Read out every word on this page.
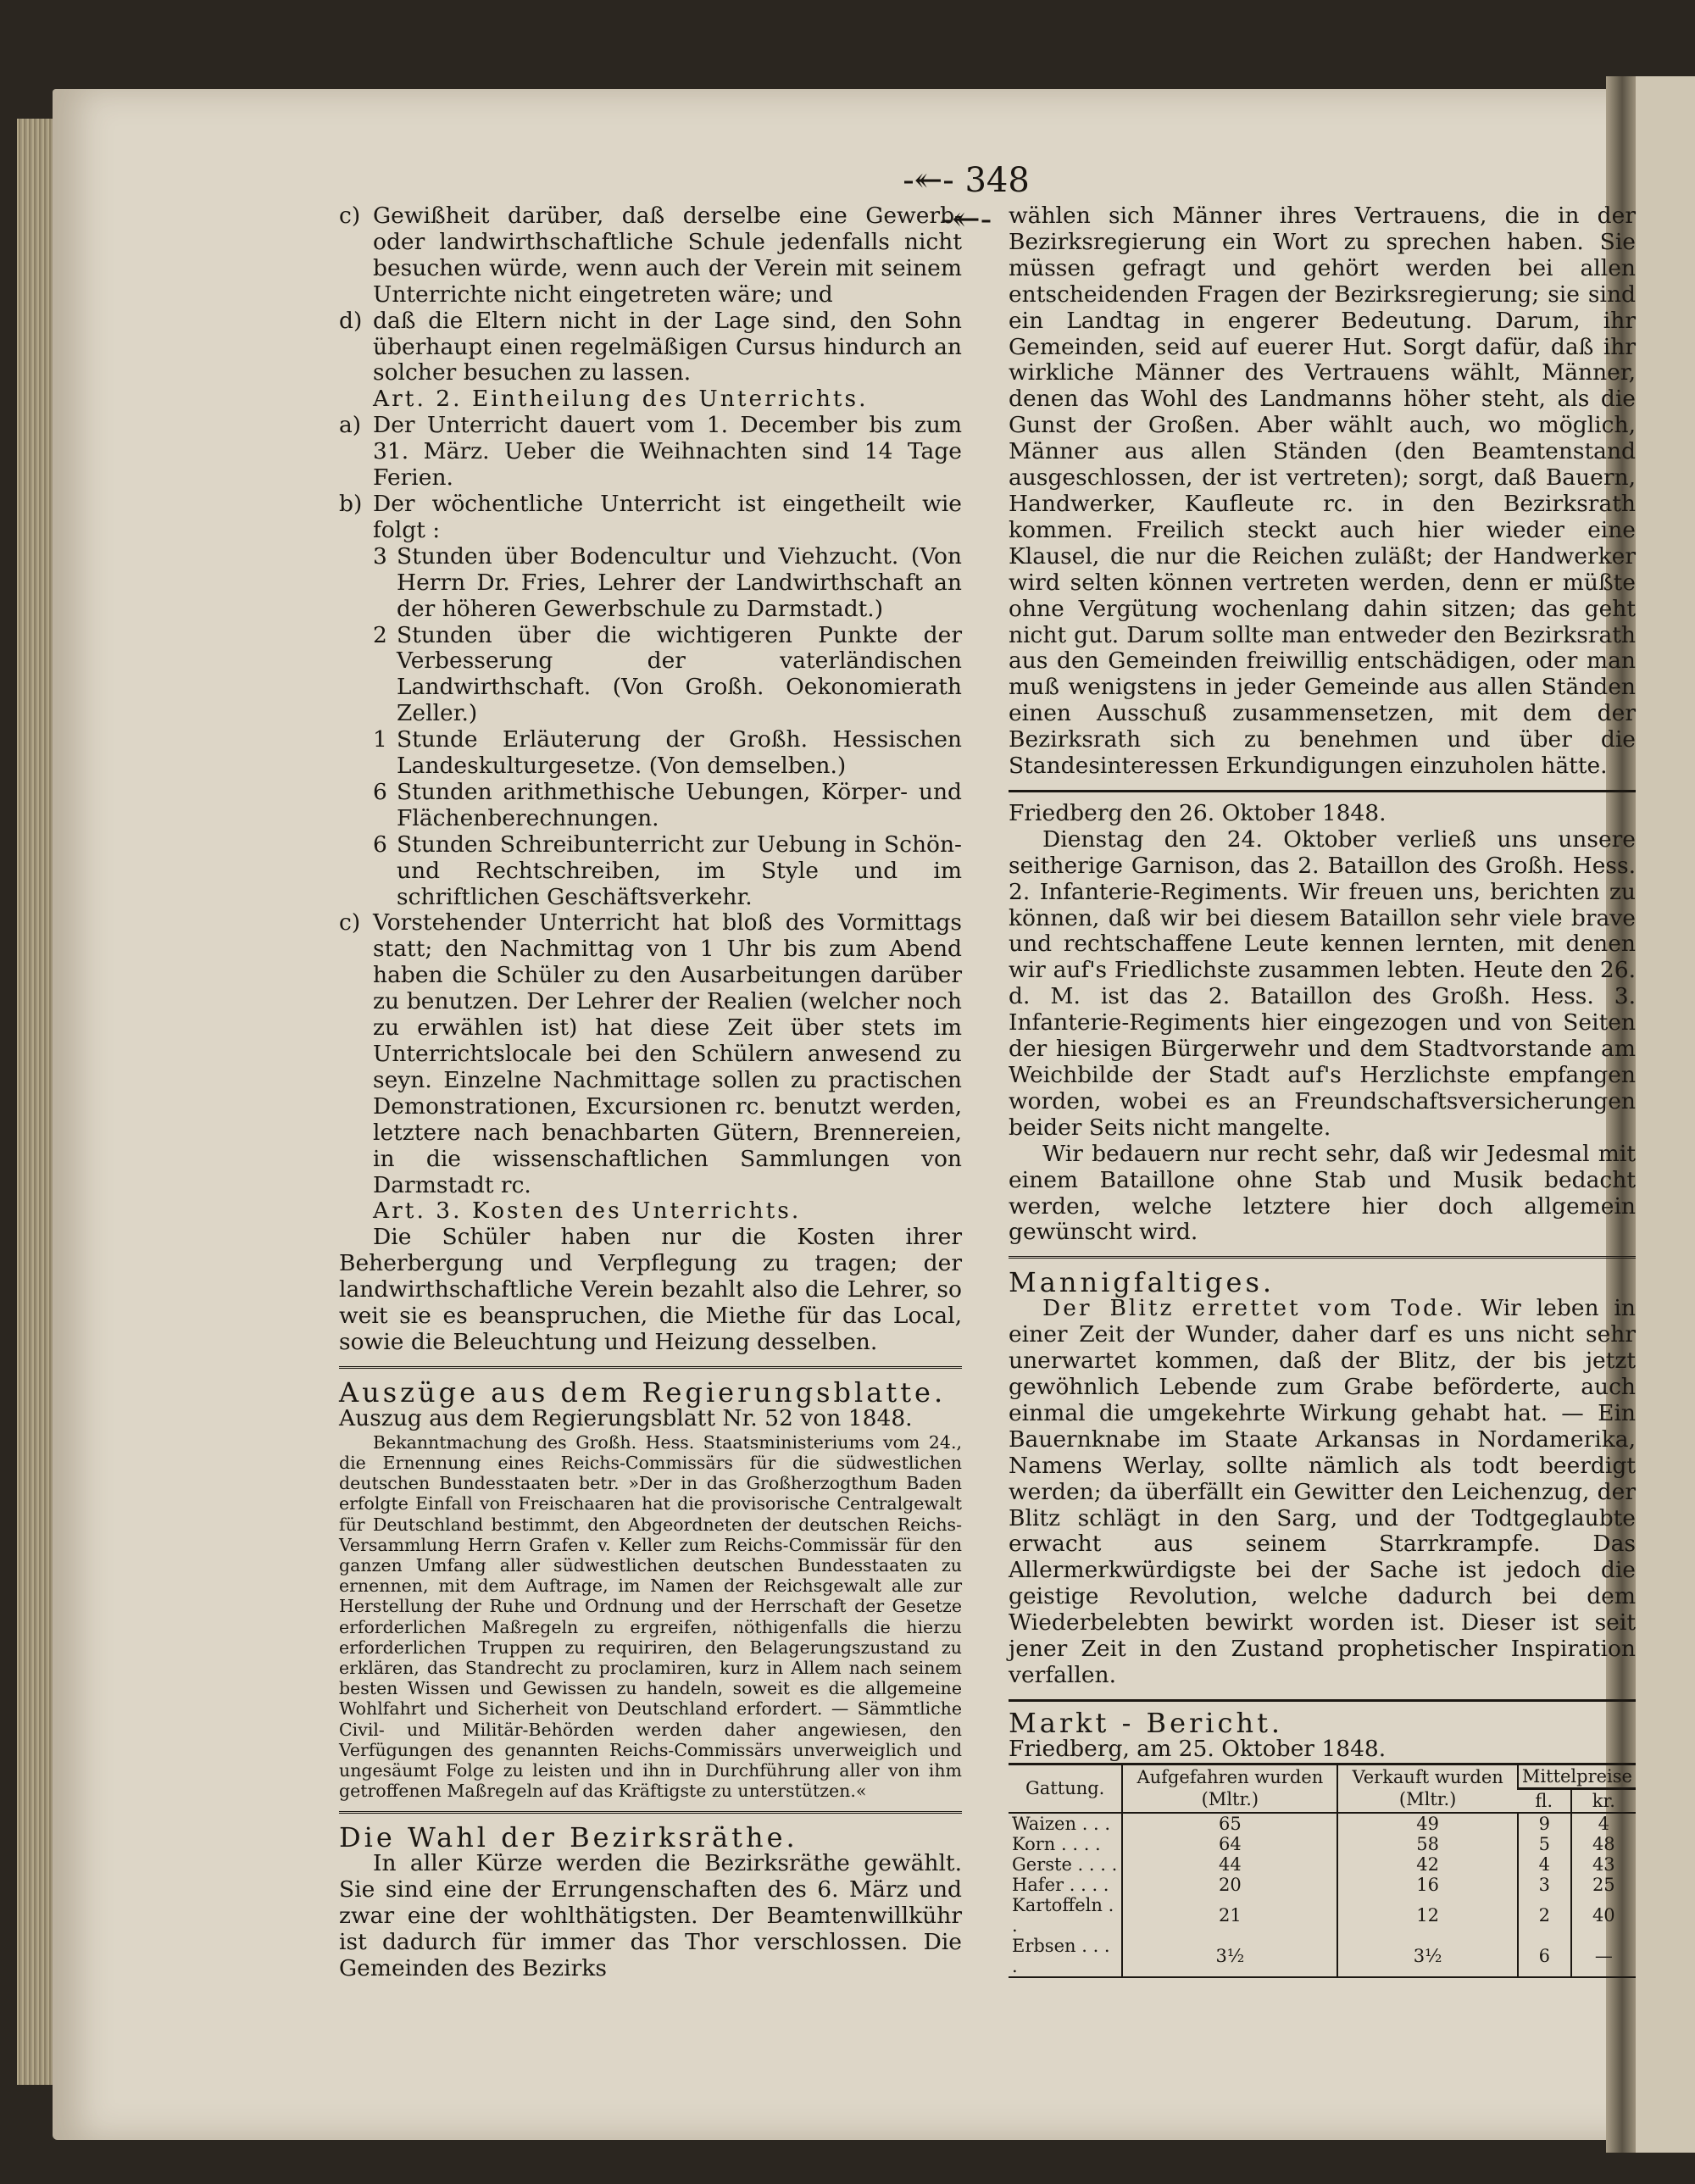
-↞- 348 -↞-
c) Gewißheit darüber, daß derselbe eine Gewerb- oder landwirthschaftliche Schule jedenfalls nicht besuchen würde, wenn auch der Verein mit seinem Unterrichte nicht eingetreten wäre; und
d) daß die Eltern nicht in der Lage sind, den Sohn überhaupt einen regelmäßigen Cursus hindurch an solcher besuchen zu lassen.

Art. 2. Eintheilung des Unterrichts.

a) Der Unterricht dauert vom 1. December bis zum 31. März. Ueber die Weihnachten sind 14 Tage Ferien.
b) Der wöchentliche Unterricht ist eingetheilt wie folgt :
3 Stunden über Bodencultur und Viehzucht. (Von Herrn Dr. Fries, Lehrer der Landwirthschaft an der höheren Gewerbschule zu Darmstadt.)
2 Stunden über die wichtigeren Punkte der Verbesserung der vaterländischen Landwirthschaft. (Von Großh. Oekonomierath Zeller.)
1 Stunde Erläuterung der Großh. Hessischen Landeskulturgesetze. (Von demselben.)
6 Stunden arithmethische Uebungen, Körper- und Flächenberechnungen.
6 Stunden Schreibunterricht zur Uebung in Schön- und Rechtschreiben, im Style und im schriftlichen Geschäftsverkehr.
c) Vorstehender Unterricht hat bloß des Vormittags statt; den Nachmittag von 1 Uhr bis zum Abend haben die Schüler zu den Ausarbeitungen darüber zu benutzen. Der Lehrer der Realien (welcher noch zu erwählen ist) hat diese Zeit über stets im Unterrichtslocale bei den Schülern anwesend zu seyn. Einzelne Nachmittage sollen zu practischen Demonstrationen, Excursionen rc. benutzt werden, letztere nach benachbarten Gütern, Brennereien, in die wissenschaftlichen Sammlungen von Darmstadt rc.

Art. 3. Kosten des Unterrichts.

Die Schüler haben nur die Kosten ihrer Beherbergung und Verpflegung zu tragen; der landwirthschaftliche Verein bezahlt also die Lehrer, so weit sie es beanspruchen, die Miethe für das Local, sowie die Beleuchtung und Heizung desselben.

Auszüge aus dem Regierungsblatte.

Auszug aus dem Regierungsblatt Nr. 52 von 1848.

Bekanntmachung des Großh. Hess. Staatsministeriums vom 24., die Ernennung eines Reichs-Commissärs für die südwestlichen deutschen Bundesstaaten betr. »Der in das Großherzogthum Baden erfolgte Einfall von Freischaaren hat die provisorische Centralgewalt für Deutschland bestimmt, den Abgeordneten der deutschen Reichs-Versammlung Herrn Grafen v. Keller zum Reichs-Commissär für den ganzen Umfang aller südwestlichen deutschen Bundesstaaten zu ernennen, mit dem Auftrage, im Namen der Reichsgewalt alle zur Herstellung der Ruhe und Ordnung und der Herrschaft der Gesetze erforderlichen Maßregeln zu ergreifen, nöthigenfalls die hierzu erforderlichen Truppen zu requiriren, den Belagerungszustand zu erklären, das Standrecht zu proclamiren, kurz in Allem nach seinem besten Wissen und Gewissen zu handeln, soweit es die allgemeine Wohlfahrt und Sicherheit von Deutschland erfordert. — Sämmtliche Civil- und Militär-Behörden werden daher angewiesen, den Verfügungen des genannten Reichs-Commissärs unverweiglich und ungesäumt Folge zu leisten und ihn in Durchführung aller von ihm getroffenen Maßregeln auf das Kräftigste zu unterstützen.«

Die Wahl der Bezirksräthe.

In aller Kürze werden die Bezirksräthe gewählt. Sie sind eine der Errungenschaften des 6. März und zwar eine der wohlthätigsten. Der Beamtenwillkühr ist dadurch für immer das Thor verschlossen. Die Gemeinden des Bezirks

wählen sich Männer ihres Vertrauens, die in der Bezirksregierung ein Wort zu sprechen haben. Sie müssen gefragt und gehört werden bei allen entscheidenden Fragen der Bezirksregierung; sie sind ein Landtag in engerer Bedeutung. Darum, ihr Gemeinden, seid auf euerer Hut. Sorgt dafür, daß ihr wirkliche Männer des Vertrauens wählt, Männer, denen das Wohl des Landmanns höher steht, als die Gunst der Großen. Aber wählt auch, wo möglich, Männer aus allen Ständen (den Beamtenstand ausgeschlossen, der ist vertreten); sorgt, daß Bauern, Handwerker, Kaufleute rc. in den Bezirksrath kommen. Freilich steckt auch hier wieder eine Klausel, die nur die Reichen zuläßt; der Handwerker wird selten können vertreten werden, denn er müßte ohne Vergütung wochenlang dahin sitzen; das geht nicht gut. Darum sollte man entweder den Bezirksrath aus den Gemeinden freiwillig entschädigen, oder man muß wenigstens in jeder Gemeinde aus allen Ständen einen Ausschuß zusammensetzen, mit dem der Bezirksrath sich zu benehmen und über die Standesinteressen Erkundigungen einzuholen hätte.

Friedberg den 26. Oktober 1848.

Dienstag den 24. Oktober verließ uns unsere seitherige Garnison, das 2. Bataillon des Großh. Hess. 2. Infanterie-Regiments. Wir freuen uns, berichten zu können, daß wir bei diesem Bataillon sehr viele brave und rechtschaffene Leute kennen lernten, mit denen wir auf's Friedlichste zusammen lebten. Heute den 26. d. M. ist das 2. Bataillon des Großh. Hess. 3. Infanterie-Regiments hier eingezogen und von Seiten der hiesigen Bürgerwehr und dem Stadtvorstande am Weichbilde der Stadt auf's Herzlichste empfangen worden, wobei es an Freundschaftsversicherungen beider Seits nicht mangelte.

Wir bedauern nur recht sehr, daß wir Jedesmal mit einem Bataillone ohne Stab und Musik bedacht werden, welche letztere hier doch allgemein gewünscht wird.

Mannigfaltiges.

Der Blitz errettet vom Tode. Wir leben in einer Zeit der Wunder, daher darf es uns nicht sehr unerwartet kommen, daß der Blitz, der bis jetzt gewöhnlich Lebende zum Grabe beförderte, auch einmal die umgekehrte Wirkung gehabt hat. — Ein Bauernknabe im Staate Arkansas in Nordamerika, Namens Werlay, sollte nämlich als todt beerdigt werden; da überfällt ein Gewitter den Leichenzug, der Blitz schlägt in den Sarg, und der Todtgeglaubte erwacht aus seinem Starrkrampfe. Das Allermerkwürdigste bei der Sache ist jedoch die geistige Revolution, welche dadurch bei dem Wiederbelebten bewirkt worden ist. Dieser ist seit jener Zeit in den Zustand prophetischer Inspiration verfallen.

Markt - Bericht.

Friedberg, am 25. Oktober 1848.

Gattung.	Aufgefahren wurden (Mltr.)	Verkauft wurden (Mltr.)	Mittelpreise	
			fl.	kr.
Waizen . . .	65	49	9	4
Korn . . . .	64	58	5	48
Gerste . . . .	44	42	4	43
Hafer . . . .	20	16	3	25
Kartoffeln . .	21	12	2	40
Erbsen . . . .	3½	3½	6	—
